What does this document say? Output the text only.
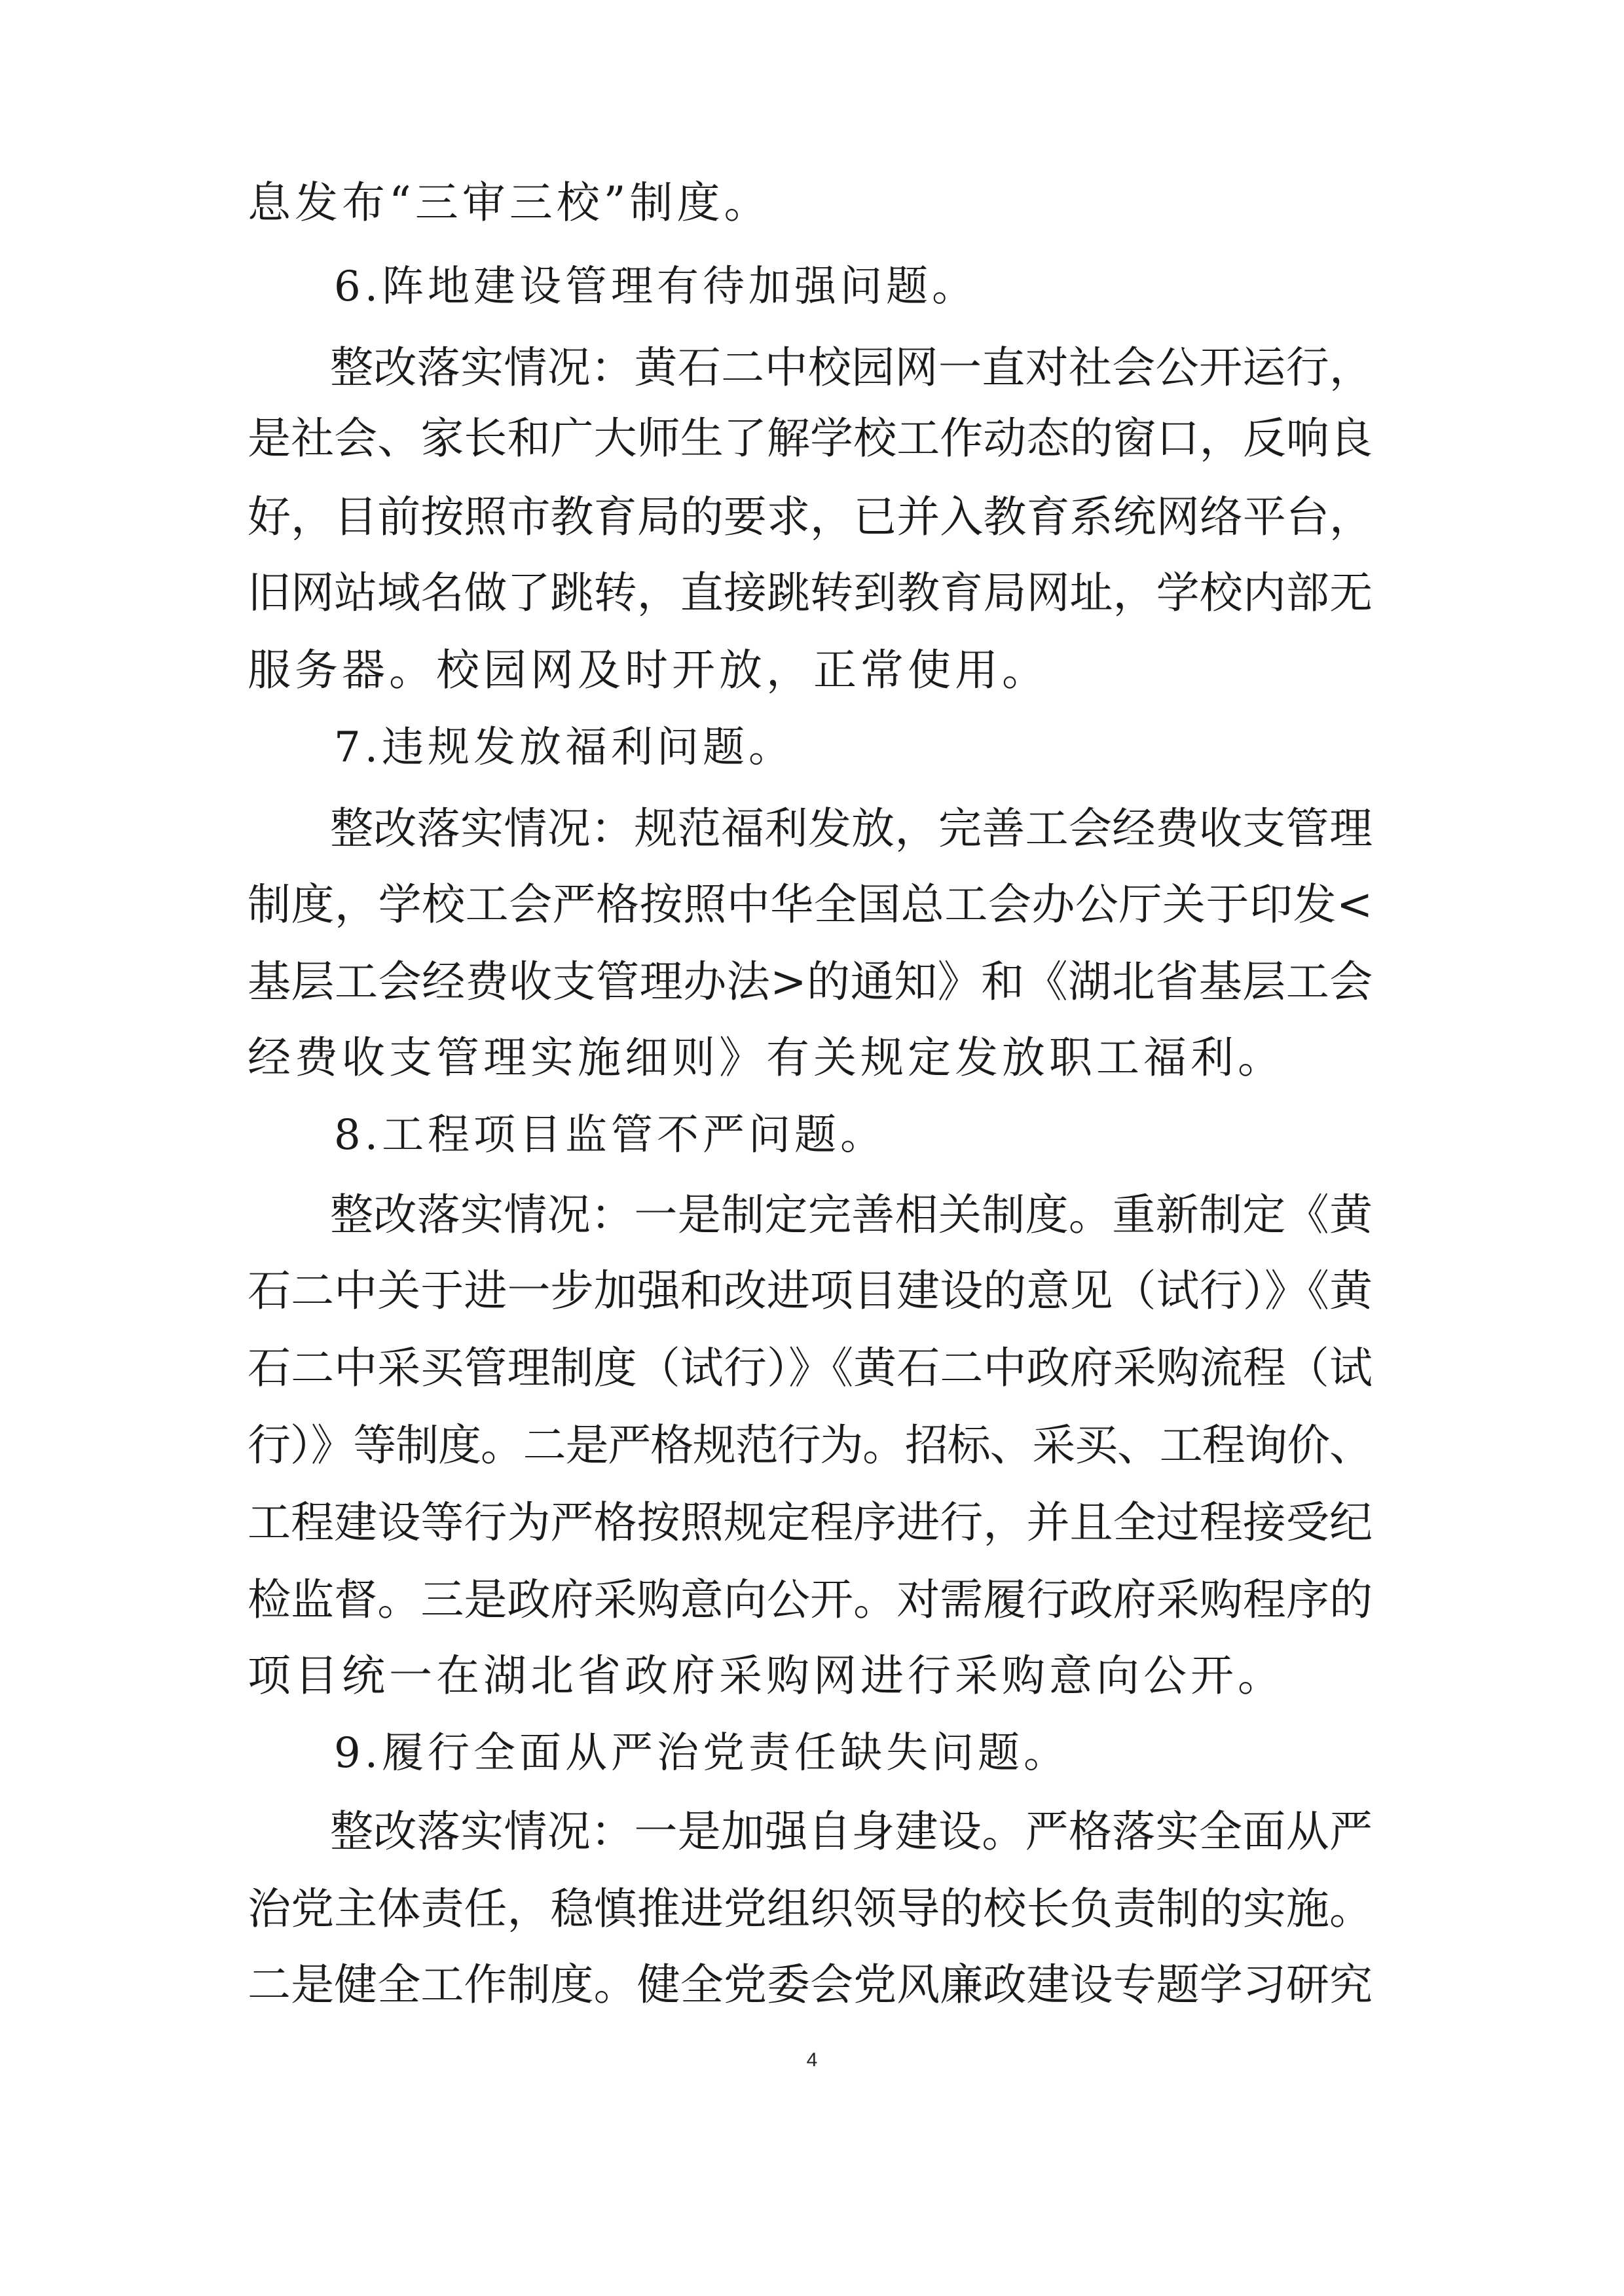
息发布“三审三校”制度。
6.阵地建设管理有待加强问题。
整改落实情况：黄石二中校园网一直对社会公开运行，
是社会、家长和广大师生了解学校工作动态的窗口，反响良
好，目前按照市教育局的要求，已并入教育系统网络平台，
旧网站域名做了跳转，直接跳转到教育局网址，学校内部无
服务器。校园网及时开放，正常使用。
7.违规发放福利问题。
整改落实情况：规范福利发放，完善工会经费收支管理
制度，学校工会严格按照中华全国总工会办公厅关于印发<
基层工会经费收支管理办法>的通知》和《湖北省基层工会
经费收支管理实施细则》有关规定发放职工福利。
8.工程项目监管不严问题。
整改落实情况：一是制定完善相关制度。重新制定《黄
石二中关于进一步加强和改进项目建设的意见（试行）》《黄
石二中采买管理制度（试行）》《黄石二中政府采购流程（试
行）》等制度。二是严格规范行为。招标、采买、工程询价、
工程建设等行为严格按照规定程序进行，并且全过程接受纪
检监督。三是政府采购意向公开。对需履行政府采购程序的
项目统一在湖北省政府采购网进行采购意向公开。
9.履行全面从严治党责任缺失问题。
整改落实情况：一是加强自身建设。严格落实全面从严
治党主体责任，稳慎推进党组织领导的校长负责制的实施。
二是健全工作制度。健全党委会党风廉政建设专题学习研究
4
